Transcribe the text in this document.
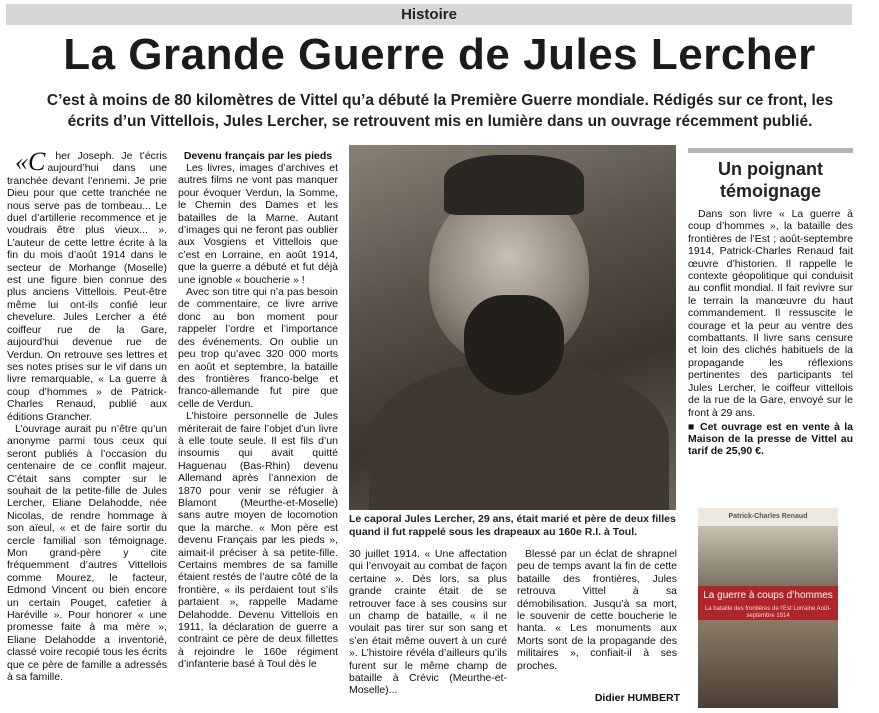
Histoire
La Grande Guerre de Jules Lercher
C’est à moins de 80 kilomètres de Vittel qu’a débuté la Première Guerre mondiale. Rédigés sur ce front, les écrits d’un Vittellois, Jules Lercher, se retrouvent mis en lumière dans un ouvrage récemment publié.

«Cher Joseph. Je t’écris aujourd’hui dans une tranchée devant l’ennemi. Je prie Dieu pour que cette tranchée ne nous serve pas de tombeau... Le duel d’artillerie recommence et je voudrais être plus vieux... ». L’auteur de cette lettre écrite à la fin du mois d’août 1914 dans le secteur de Morhange (Moselle) est une figure bien connue des plus anciens Vittellois. Peut-être même lui ont-ils confié leur chevelure. Jules Lercher a été coiffeur rue de la Gare, aujourd’hui devenue rue de Verdun. On retrouve ses lettres et ses notes prises sur le vif dans un livre remarquable, « La guerre à coup d’hommes » de Patrick-Charles Renaud, publié aux éditions Grancher.

L’ouvrage aurait pu n’être qu’un anonyme parmi tous ceux qui seront publiés à l’occasion du centenaire de ce conflit majeur. C’était sans compter sur le souhait de la petite-fille de Jules Lercher, Eliane Delahodde, née Nicolas, de rendre hommage à son aïeul, « et de faire sortir du cercle familial son témoignage. Mon grand-père y cite fréquemment d’autres Vittellois comme Mourez, le facteur, Edmond Vincent ou bien encore un certain Pouget, cafetier à Haréville ». Pour honorer « une promesse faite à ma mère », Eliane Delahodde a inventorié, classé voire recopié tous les écrits que ce père de famille a adressés à sa famille.

Devenu français par les pieds

Les livres, images d’archives et autres films ne vont pas manquer pour évoquer Verdun, la Somme, le Chemin des Dames et les batailles de la Marne. Autant d’images qui ne feront pas oublier aux Vosgiens et Vittellois que c’est en Lorraine, en août 1914, que la guerre a débuté et fut déjà une ignoble « boucherie » !

Avec son titre qui n’a pas besoin de commentaire, ce livre arrive donc au bon moment pour rappeler l’ordre et l’importance des événements. On oublie un peu trop qu’avec 320 000 morts en août et septembre, la bataille des frontières franco-belge et franco-allemande fut pire que celle de Verdun.

L’histoire personnelle de Jules mériterait de faire l’objet d’un livre à elle toute seule. Il est fils d’un insoumis qui avait quitté Haguenau (Bas-Rhin) devenu Allemand après l’annexion de 1870 pour venir se réfugier à Blamont (Meurthe-et-Moselle) sans autre moyen de locomotion que la marche. « Mon père est devenu Français par les pieds », aimait-il préciser à sa petite-fille. Certains membres de sa famille étaient restés de l’autre côté de la frontière, « ils perdaient tout s’ils partaient », rappelle Madame Delahodde. Devenu Vittellois en 1911, la déclaration de guerre a contraint ce père de deux fillettes à rejoindre le 160e régiment d’infanterie basé à Toul dès le

Le caporal Jules Lercher, 29 ans, était marié et père de deux filles quand il fut rappelé sous les drapeaux au 160e R.I. à Toul.

30 juillet 1914. « Une affectation qui l’envoyait au combat de façon certaine ». Dès lors, sa plus grande crainte était de se retrouver face à ses cousins sur un champ de bataille, « il ne voulait pas tirer sur son sang et s’en était même ouvert à un curé ». L’histoire révéla d’ailleurs qu’ils furent sur le même champ de bataille à Crévic (Meurthe-et-Moselle)...

Blessé par un éclat de shrapnel peu de temps avant la fin de cette bataille des frontières, Jules retrouva Vittel à sa démobilisation. Jusqu’à sa mort, le souvenir de cette boucherie le hanta. « Les monuments aux Morts sont de la propagande des militaires », confiait-il à ses proches.

Didier HUMBERT
Un poignant témoignage

Dans son livre « La guerre à coup d’hommes », la bataille des frontières de l’Est ; août-septembre 1914, Patrick-Charles Renaud fait œuvre d’historien. Il rappelle le contexte géopolitique qui conduisit au conflit mondial. Il fait revivre sur le terrain la manœuvre du haut commandement. Il ressuscite le courage et la peur au ventre des combattants. Il livre sans censure et loin des clichés habituels de la propagande les réflexions pertinentes des participants tel Jules Lercher, le coiffeur vittellois de la rue de la Gare, envoyé sur le front à 29 ans.

■ Cet ouvrage est en vente à la Maison de la presse de Vittel au tarif de 25,90 €.
Patrick-Charles Renaud
La guerre à coups d’hommes
La bataille des frontières de l’Est Lorraine Août-septembre 1914
